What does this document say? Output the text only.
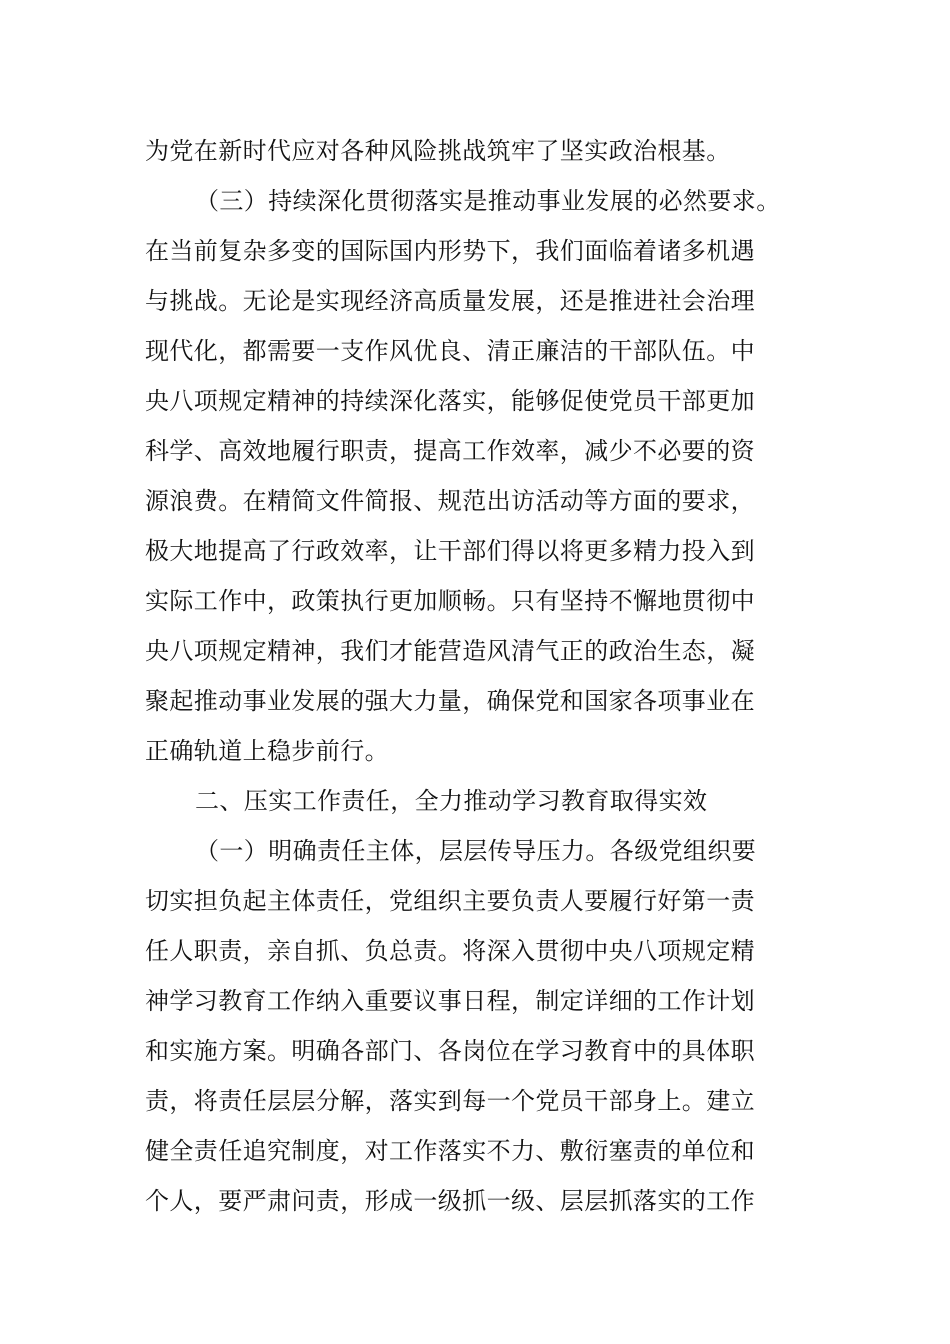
为党在新时代应对各种风险挑战筑牢了坚实政治根基。
（三）持续深化贯彻落实是推动事业发展的必然要求。
在当前复杂多变的国际国内形势下，我们面临着诸多机遇
与挑战。无论是实现经济高质量发展，还是推进社会治理
现代化，都需要一支作风优良、清正廉洁的干部队伍。中
央八项规定精神的持续深化落实，能够促使党员干部更加
科学、高效地履行职责，提高工作效率，减少不必要的资
源浪费。在精简文件简报、规范出访活动等方面的要求，
极大地提高了行政效率，让干部们得以将更多精力投入到
实际工作中，政策执行更加顺畅。只有坚持不懈地贯彻中
央八项规定精神，我们才能营造风清气正的政治生态，凝
聚起推动事业发展的强大力量，确保党和国家各项事业在
正确轨道上稳步前行。
二、压实工作责任，全力推动学习教育取得实效
（一）明确责任主体，层层传导压力。各级党组织要
切实担负起主体责任，党组织主要负责人要履行好第一责
任人职责，亲自抓、负总责。将深入贯彻中央八项规定精
神学习教育工作纳入重要议事日程，制定详细的工作计划
和实施方案。明确各部门、各岗位在学习教育中的具体职
责，将责任层层分解，落实到每一个党员干部身上。建立
健全责任追究制度，对工作落实不力、敷衍塞责的单位和
个人，要严肃问责，形成一级抓一级、层层抓落实的工作
